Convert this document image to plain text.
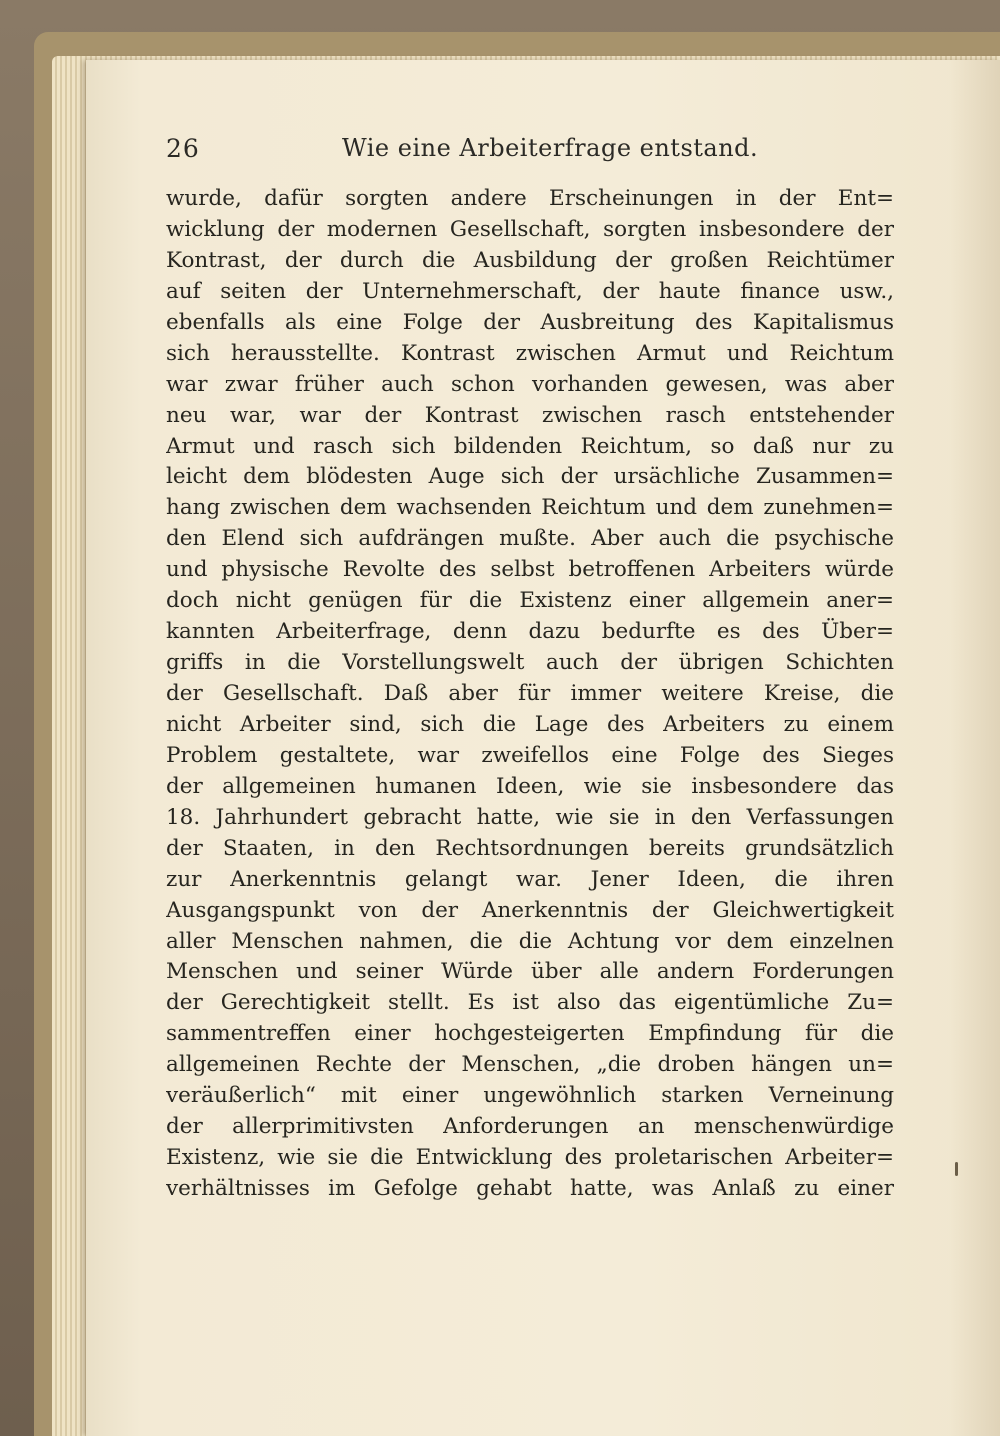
26	Wie eine Arbeiterfrage entstand.
wurde, dafür sorgten andere Erscheinungen in der Ent=
wicklung der modernen Gesellschaft, sorgten insbesondere der
Kontrast, der durch die Ausbildung der großen Reichtümer
auf seiten der Unternehmerschaft, der haute finance usw.,
ebenfalls als eine Folge der Ausbreitung des Kapitalismus
sich herausstellte. Kontrast zwischen Armut und Reichtum
war zwar früher auch schon vorhanden gewesen, was aber
neu war, war der Kontrast zwischen rasch entstehender
Armut und rasch sich bildenden Reichtum, so daß nur zu
leicht dem blödesten Auge sich der ursächliche Zusammen=
hang zwischen dem wachsenden Reichtum und dem zunehmen=
den Elend sich aufdrängen mußte. Aber auch die psychische
und physische Revolte des selbst betroffenen Arbeiters würde
doch nicht genügen für die Existenz einer allgemein aner=
kannten Arbeiterfrage, denn dazu bedurfte es des Über=
griffs in die Vorstellungswelt auch der übrigen Schichten
der Gesellschaft. Daß aber für immer weitere Kreise, die
nicht Arbeiter sind, sich die Lage des Arbeiters zu einem
Problem gestaltete, war zweifellos eine Folge des Sieges
der allgemeinen humanen Ideen, wie sie insbesondere das
18. Jahrhundert gebracht hatte, wie sie in den Verfassungen
der Staaten, in den Rechtsordnungen bereits grundsätzlich
zur Anerkenntnis gelangt war. Jener Ideen, die ihren
Ausgangspunkt von der Anerkenntnis der Gleichwertigkeit
aller Menschen nahmen, die die Achtung vor dem einzelnen
Menschen und seiner Würde über alle andern Forderungen
der Gerechtigkeit stellt. Es ist also das eigentümliche Zu=
sammentreffen einer hochgesteigerten Empfindung für die
allgemeinen Rechte der Menschen, „die droben hängen un=
veräußerlich“ mit einer ungewöhnlich starken Verneinung
der allerprimitivsten Anforderungen an menschenwürdige
Existenz, wie sie die Entwicklung des proletarischen Arbeiter=
verhältnisses im Gefolge gehabt hatte, was Anlaß zu einer
